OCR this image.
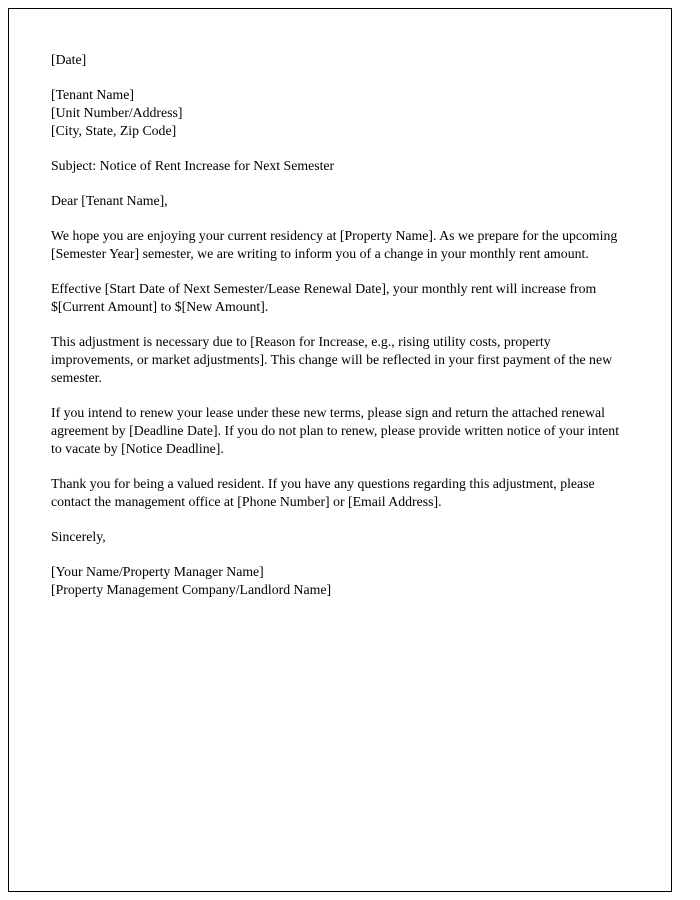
[Date]

[Tenant Name]

[Unit Number/Address]

[City, State, Zip Code]

Subject: Notice of Rent Increase for Next Semester

Dear [Tenant Name],

We hope you are enjoying your current residency at [Property Name]. As we prepare for the upcoming [Semester Year] semester, we are writing to inform you of a change in your monthly rent amount.

Effective [Start Date of Next Semester/Lease Renewal Date], your monthly rent will increase from $[Current Amount] to $[New Amount].

This adjustment is necessary due to [Reason for Increase, e.g., rising utility costs, property improvements, or market adjustments]. This change will be reflected in your first payment of the new semester.

If you intend to renew your lease under these new terms, please sign and return the attached renewal agreement by [Deadline Date]. If you do not plan to renew, please provide written notice of your intent to vacate by [Notice Deadline].

Thank you for being a valued resident. If you have any questions regarding this adjustment, please contact the management office at [Phone Number] or [Email Address].

Sincerely,

[Your Name/Property Manager Name]

[Property Management Company/Landlord Name]
